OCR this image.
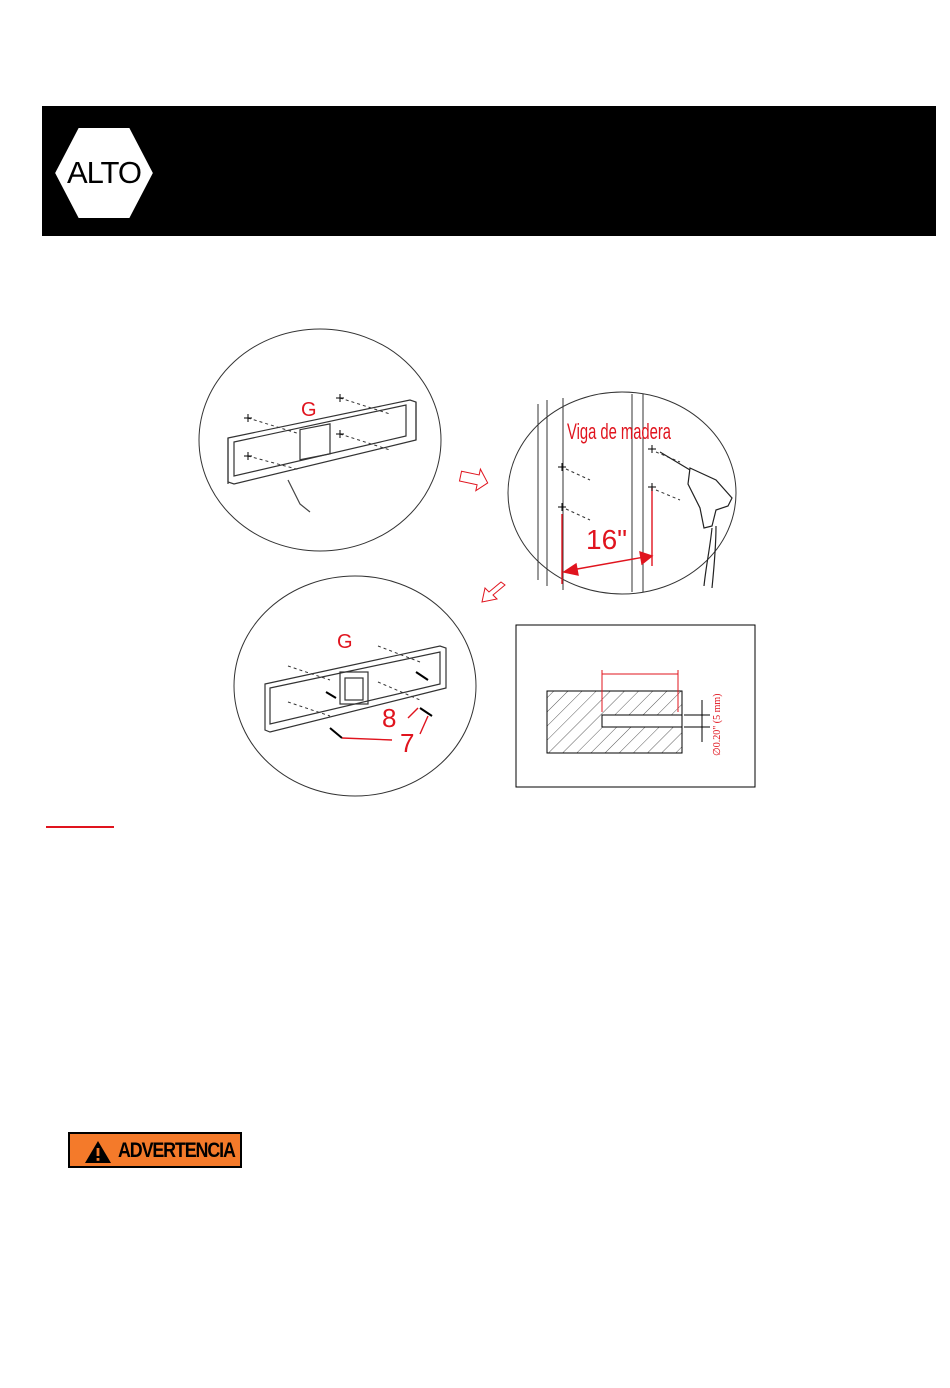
ALTO
G
Viga de madera
16"
G
8
7	∅0.20" (5 mm)
ADVERTENCIA
